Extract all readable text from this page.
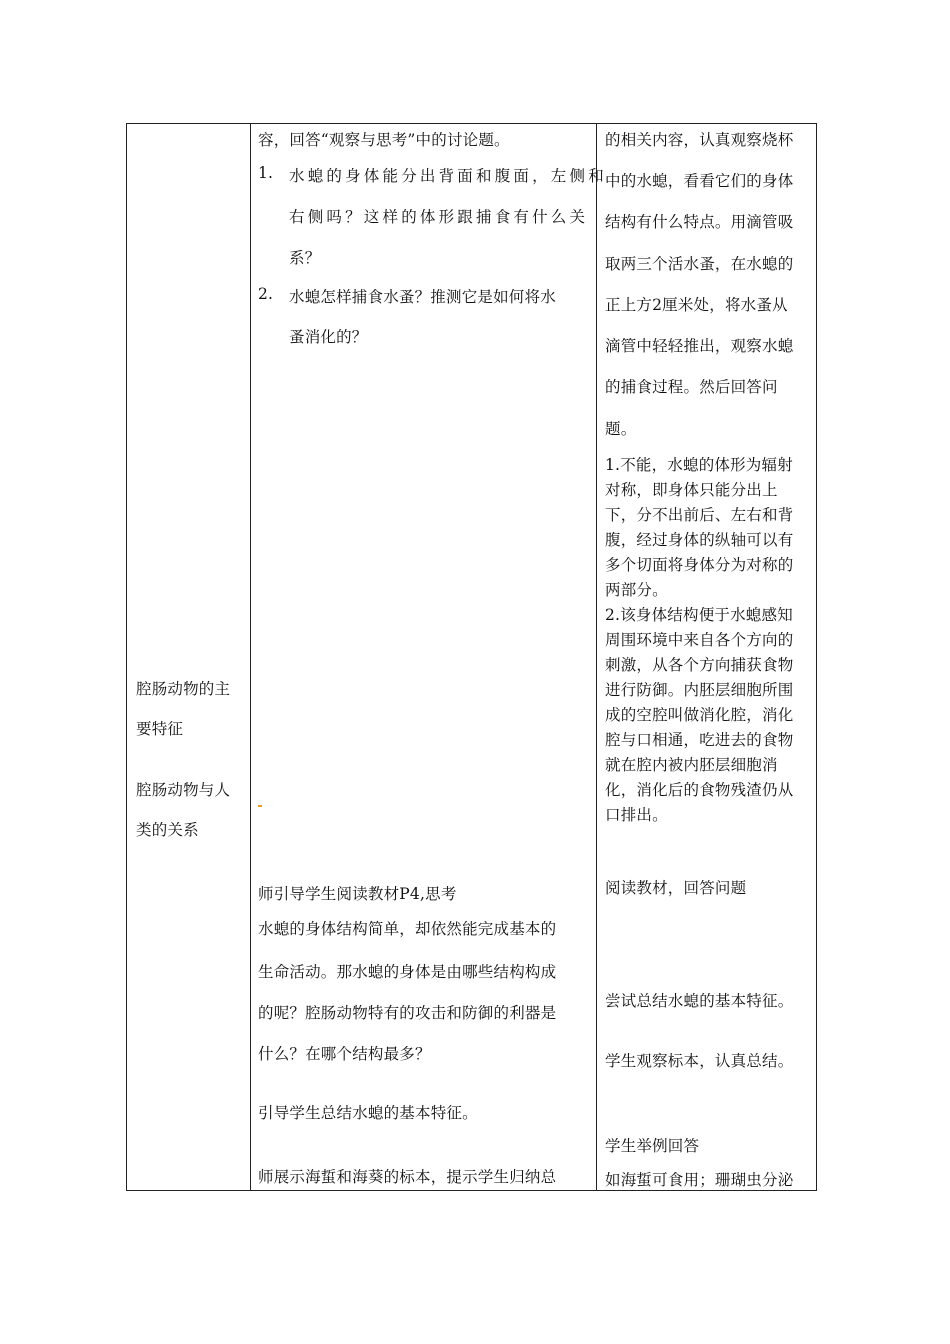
腔肠动物的主
要特征
腔肠动物与人
类的关系
容，回答“观察与思考”中的讨论题。
1. 水螅的身体能分出背面和腹面，左侧和
右侧吗？这样的体形跟捕食有什么关
系？
2. 水螅怎样捕食水蚤？推测它是如何将水
蚤消化的？
师引导学生阅读教材P4,思考
水螅的身体结构简单，却依然能完成基本的
生命活动。那水螅的身体是由哪些结构构成
的呢？腔肠动物特有的攻击和防御的利器是
什么？在哪个结构最多？
引导学生总结水螅的基本特征。
师展示海蜇和海葵的标本，提示学生归纳总
的相关内容，认真观察烧杯
中的水螅，看看它们的身体
结构有什么特点。用滴管吸
取两三个活水蚤，在水螅的
正上方2厘米处，将水蚤从
滴管中轻轻推出，观察水螅
的捕食过程。然后回答问
题。
1.不能，水螅的体形为辐射
对称，即身体只能分出上
下，分不出前后、左右和背
腹，经过身体的纵轴可以有
多个切面将身体分为对称的
两部分。
2.该身体结构便于水螅感知
周围环境中来自各个方向的
刺激，从各个方向捕获食物
进行防御。内胚层细胞所围
成的空腔叫做消化腔，消化
腔与口相通，吃进去的食物
就在腔内被内胚层细胞消
化，消化后的食物残渣仍从
口排出。
阅读教材，回答问题
尝试总结水螅的基本特征。
学生观察标本，认真总结。
学生举例回答
如海蜇可食用；珊瑚虫分泌
